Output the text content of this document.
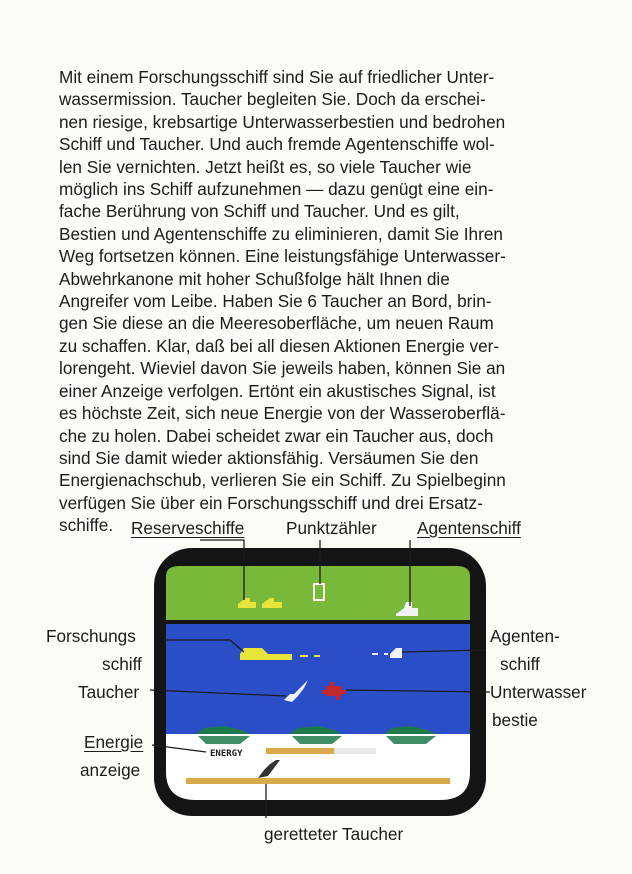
Mit einem Forschungsschiff sind Sie auf friedlicher Unter-
wassermission. Taucher begleiten Sie. Doch da erschei-
nen riesige, krebsartige Unterwasserbestien und bedrohen
Schiff und Taucher. Und auch fremde Agentenschiffe wol-
len Sie vernichten. Jetzt heißt es, so viele Taucher wie
möglich ins Schiff aufzunehmen — dazu genügt eine ein-
fache Berührung von Schiff und Taucher. Und es gilt,
Bestien und Agentenschiffe zu eliminieren, damit Sie Ihren
Weg fortsetzen können. Eine leistungsfähige Unterwasser-
Abwehrkanone mit hoher Schußfolge hält Ihnen die
Angreifer vom Leibe. Haben Sie 6 Taucher an Bord, brin-
gen Sie diese an die Meeresoberfläche, um neuen Raum
zu schaffen. Klar, daß bei all diesen Aktionen Energie ver-
lorengeht. Wieviel davon Sie jeweils haben, können Sie an
einer Anzeige verfolgen. Ertönt ein akustisches Signal, ist
es höchste Zeit, sich neue Energie von der Wasseroberflä-
che zu holen. Dabei scheidet zwar ein Taucher aus, doch
sind Sie damit wieder aktionsfähig. Versäumen Sie den
Energienachschub, verlieren Sie ein Schiff. Zu Spielbeginn
verfügen Sie über ein Forschungsschiff und drei Ersatz-
schiffe.

ENERGY
Reserveschiffe Punktzähler Agentenschiff
Forschungs
schiff
Taucher
Agenten-
schiff
Unterwasser
bestie
Energie
anzeige
geretteter Taucher
